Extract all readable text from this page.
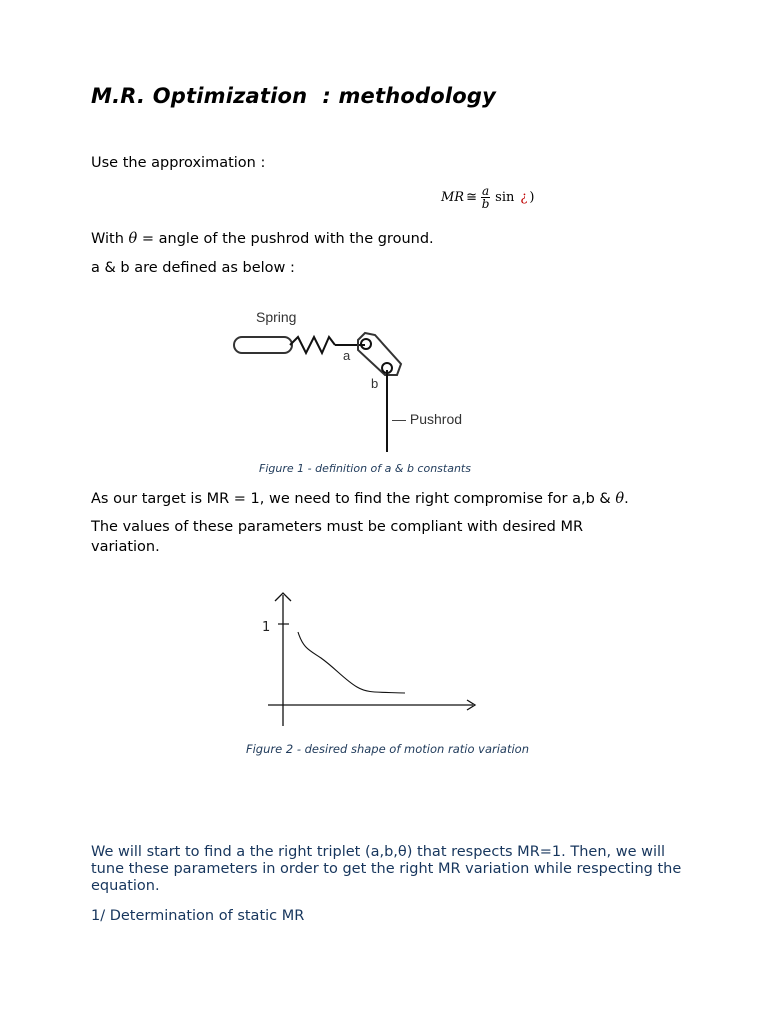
M.R. Optimization  : methodology
Use the approximation :
MR ≅ $\frac{a}{b}$ sin ¿ )
With θ = angle of the pushrod with the ground.
a & b are defined as below :
Spring
a
b
— Pushrod
Figure 1 - definition of a & b constants
As our target is MR = 1, we need to find the right compromise for a,b & θ.
The values of these parameters must be compliant with desired MR variation.
1
Figure 2 - desired shape of motion ratio variation
We will start to find a the right triplet (a,b,θ) that respects MR=1. Then, we will tune these parameters in order to get the right MR variation while respecting the equation.
1/ Determination of static MR
